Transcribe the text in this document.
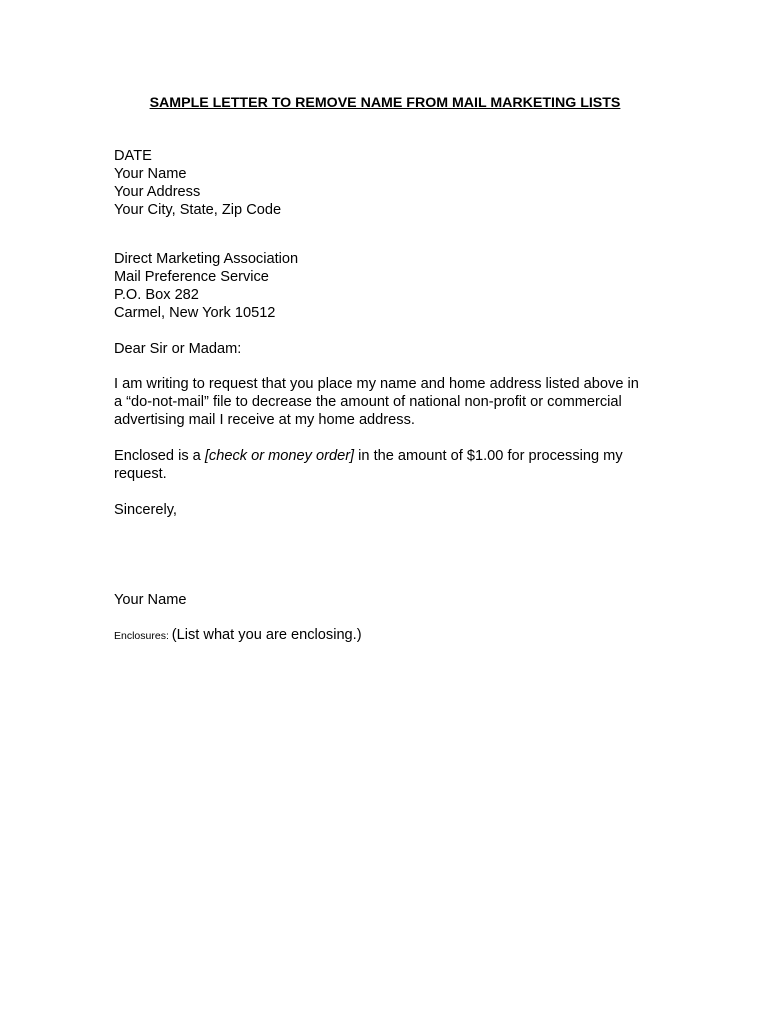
SAMPLE LETTER TO REMOVE NAME FROM MAIL MARKETING LISTS
DATE
Your Name
Your Address
Your City, State, Zip Code
Direct Marketing Association
Mail Preference Service
P.O. Box 282
Carmel, New York 10512
Dear Sir or Madam:
I am writing to request that you place my name and home address listed above in
a “do-not-mail” file to decrease the amount of national non-profit or commercial
advertising mail I receive at my home address.
Enclosed is a [check or money order] in the amount of $1.00 for processing my
request.
Sincerely,
Your Name
Enclosures: (List what you are enclosing.)
